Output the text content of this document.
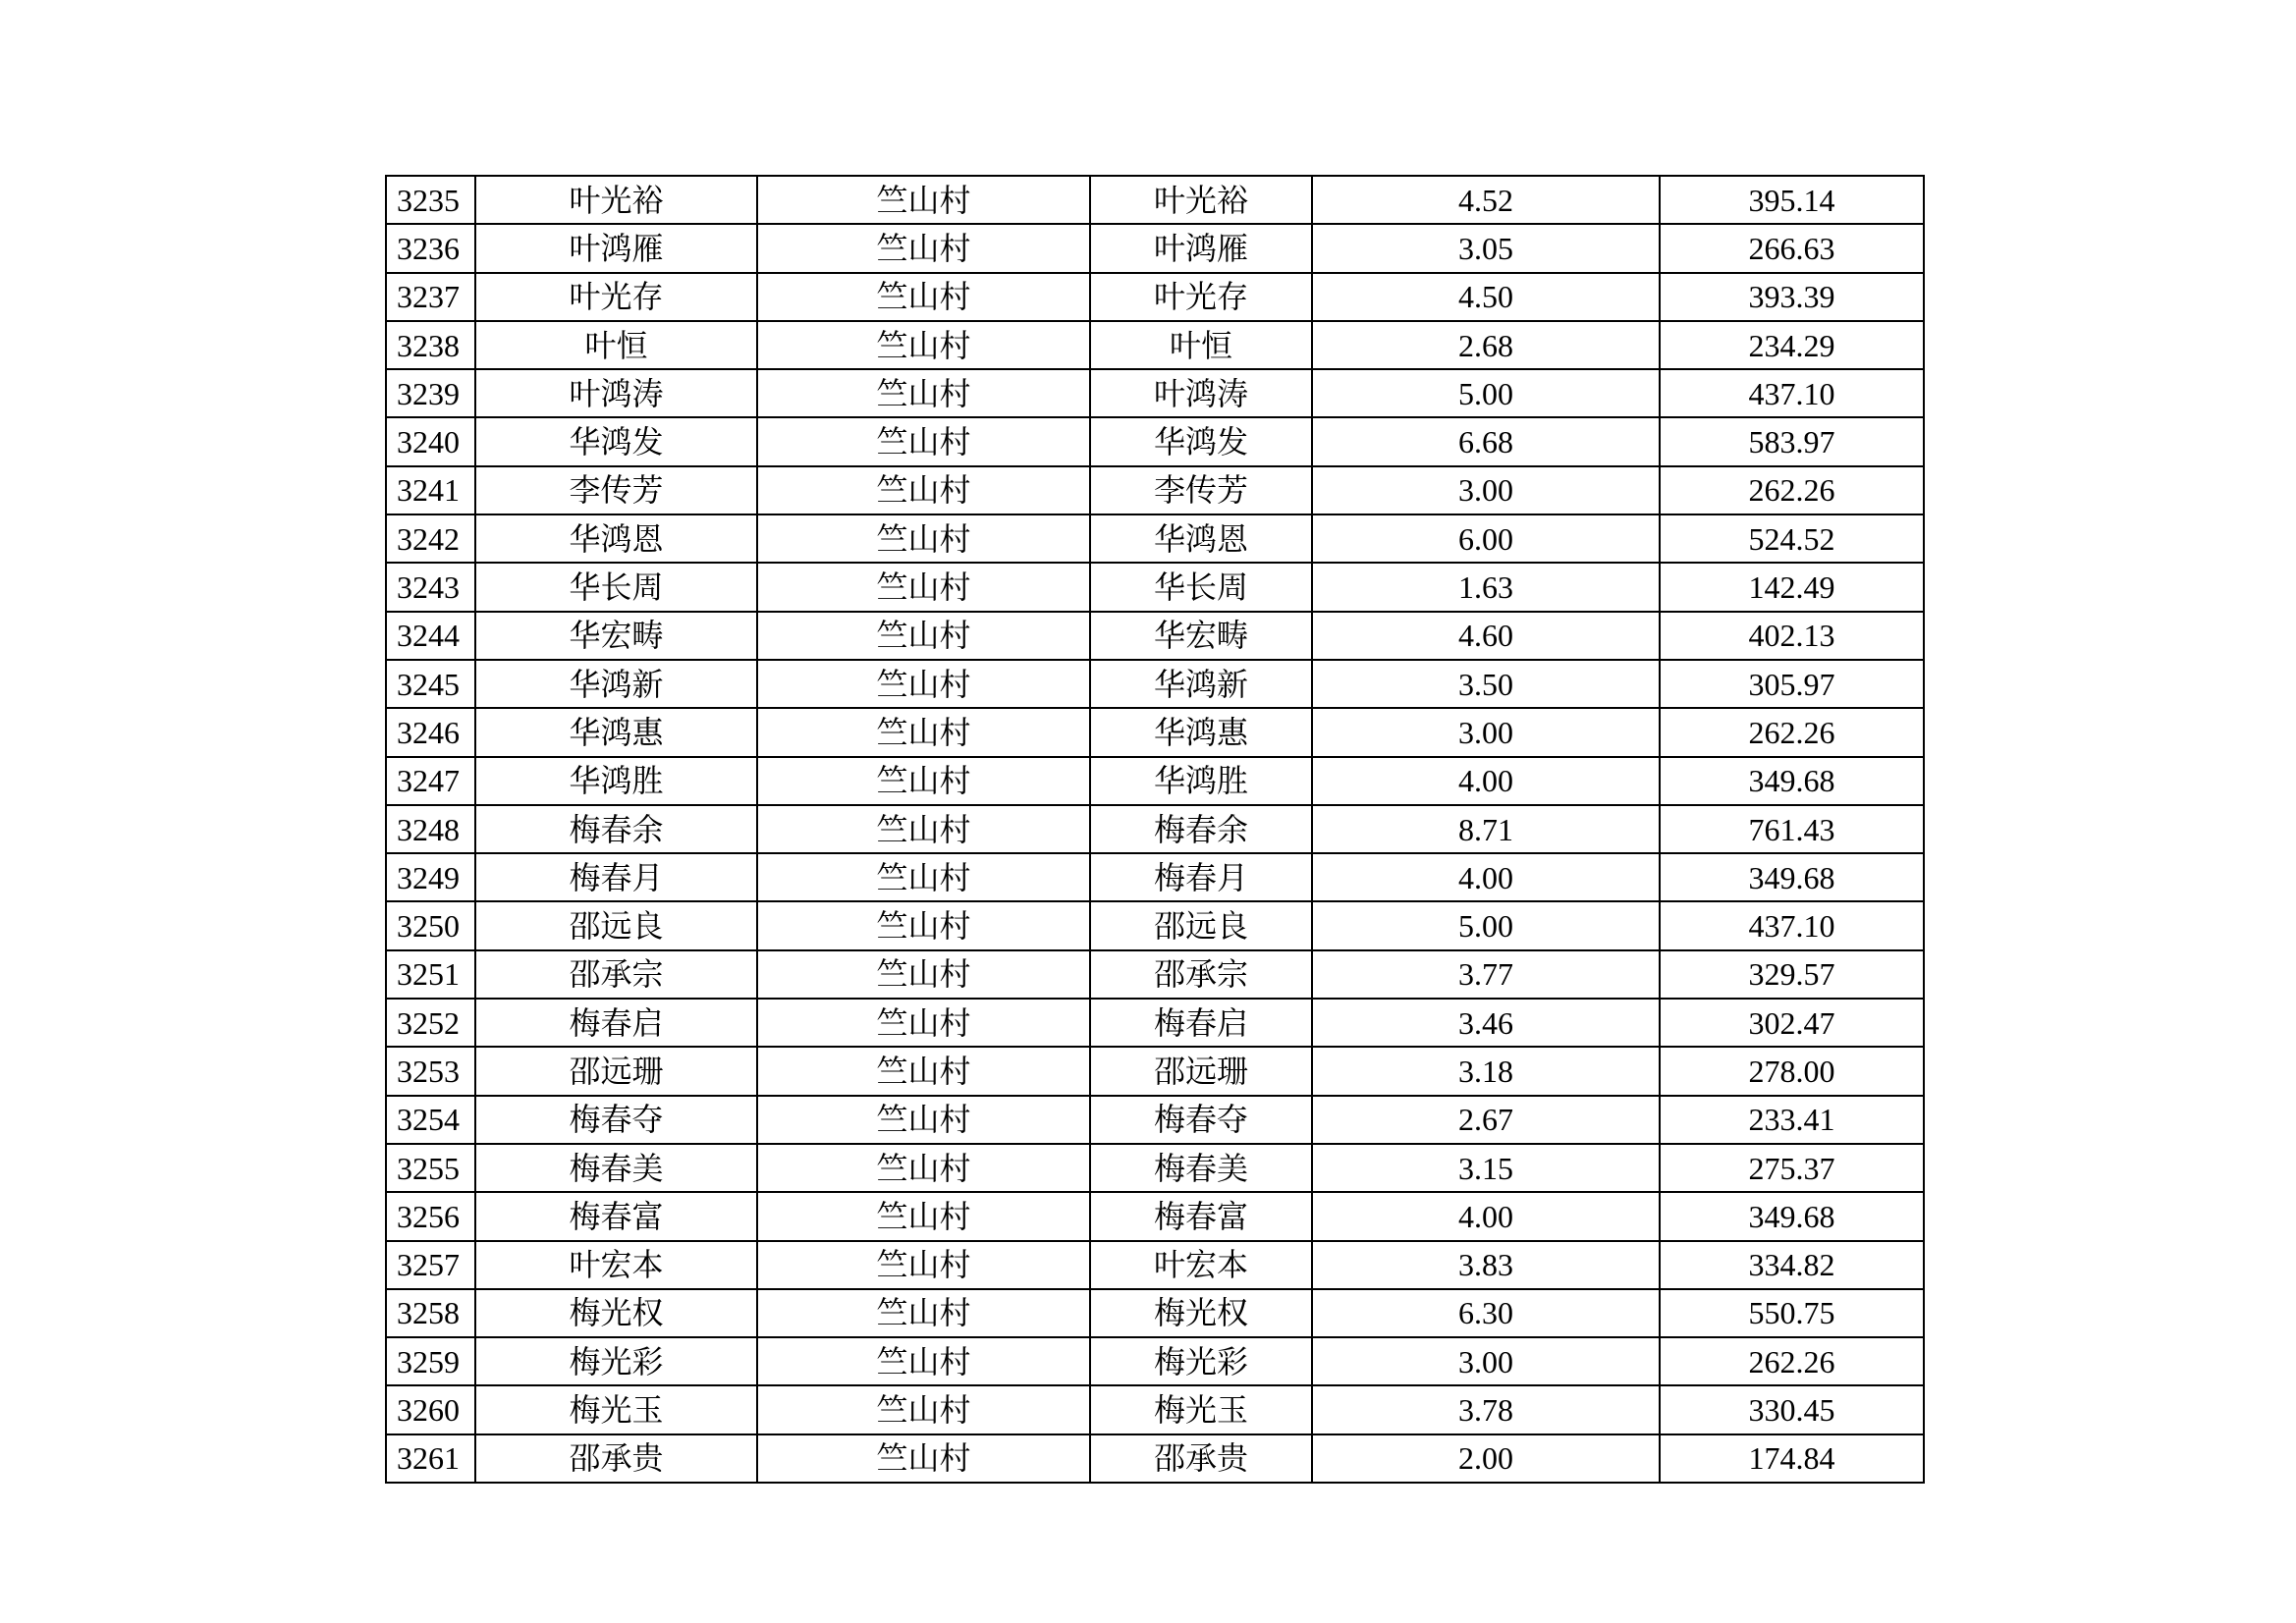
3235	叶光裕	竺山村	叶光裕	4.52	395.14
3236	叶鸿雁	竺山村	叶鸿雁	3.05	266.63
3237	叶光存	竺山村	叶光存	4.50	393.39
3238	叶恒	竺山村	叶恒	2.68	234.29
3239	叶鸿涛	竺山村	叶鸿涛	5.00	437.10
3240	华鸿发	竺山村	华鸿发	6.68	583.97
3241	李传芳	竺山村	李传芳	3.00	262.26
3242	华鸿恩	竺山村	华鸿恩	6.00	524.52
3243	华长周	竺山村	华长周	1.63	142.49
3244	华宏畴	竺山村	华宏畴	4.60	402.13
3245	华鸿新	竺山村	华鸿新	3.50	305.97
3246	华鸿惠	竺山村	华鸿惠	3.00	262.26
3247	华鸿胜	竺山村	华鸿胜	4.00	349.68
3248	梅春余	竺山村	梅春余	8.71	761.43
3249	梅春月	竺山村	梅春月	4.00	349.68
3250	邵远良	竺山村	邵远良	5.00	437.10
3251	邵承宗	竺山村	邵承宗	3.77	329.57
3252	梅春启	竺山村	梅春启	3.46	302.47
3253	邵远珊	竺山村	邵远珊	3.18	278.00
3254	梅春夺	竺山村	梅春夺	2.67	233.41
3255	梅春美	竺山村	梅春美	3.15	275.37
3256	梅春富	竺山村	梅春富	4.00	349.68
3257	叶宏本	竺山村	叶宏本	3.83	334.82
3258	梅光权	竺山村	梅光权	6.30	550.75
3259	梅光彩	竺山村	梅光彩	3.00	262.26
3260	梅光玉	竺山村	梅光玉	3.78	330.45
3261	邵承贵	竺山村	邵承贵	2.00	174.84
